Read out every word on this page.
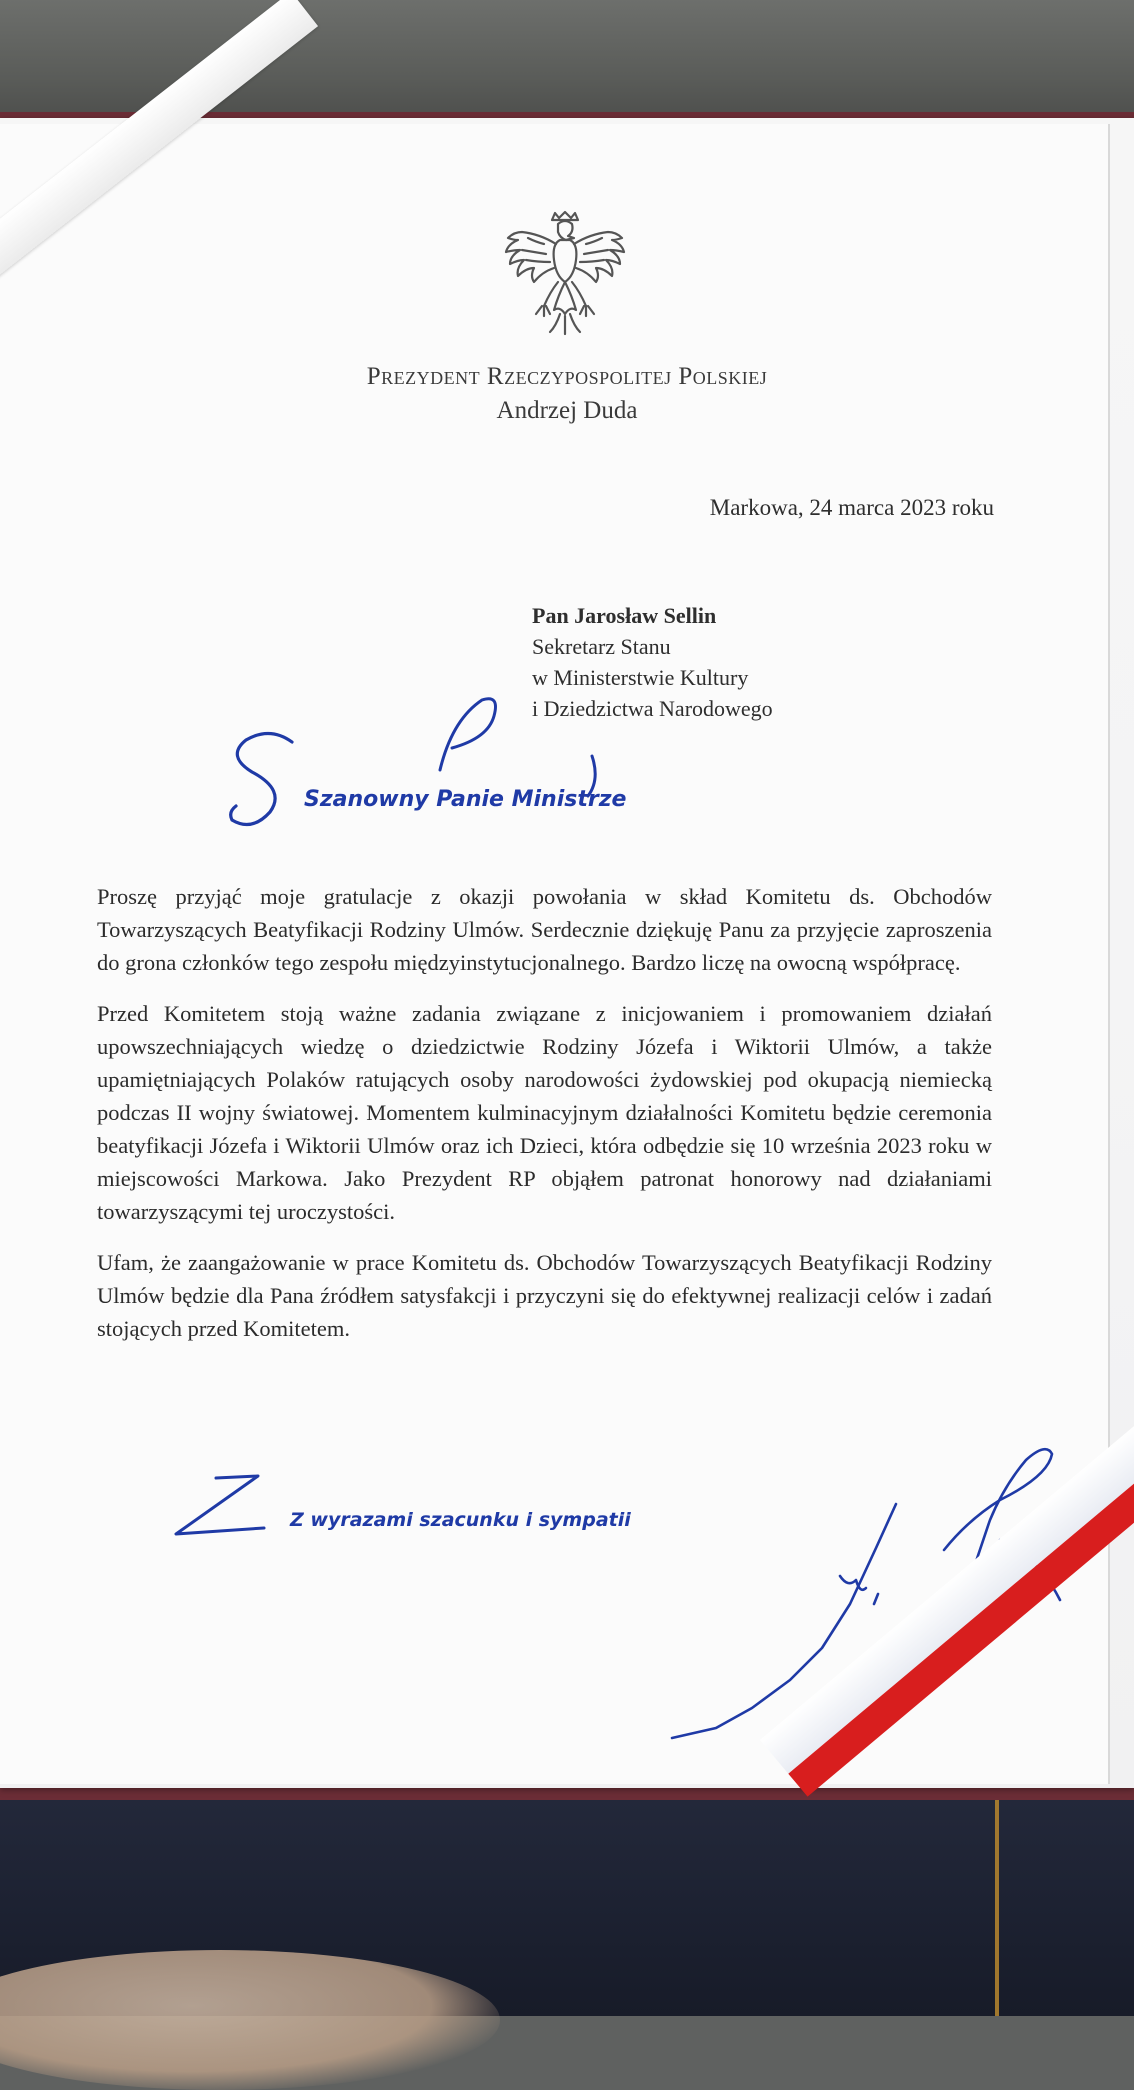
Prezydent Rzeczypospolitej Polskiej
Andrzej Duda
Markowa, 24 marca 2023 roku
Pan Jarosław Sellin
Sekretarz Stanu
w Ministerstwie Kultury
i Dziedzictwa Narodowego

Proszę przyjąć moje gratulacje z okazji powołania w skład Komitetu ds. Obchodów Towarzyszących Beatyfikacji Rodziny Ulmów. Serdecznie dziękuję Panu za przyjęcie zaproszenia do grona członków tego zespołu międzyinstytucjonalnego. Bardzo liczę na owocną współpracę.

Przed Komitetem stoją ważne zadania związane z inicjowaniem i promowaniem działań upowszechniających wiedzę o dziedzictwie Rodziny Józefa i Wiktorii Ulmów, a także upamiętniających Polaków ratujących osoby narodowości żydowskiej pod okupacją niemiecką podczas II wojny światowej. Momentem kulminacyjnym działalności Komitetu będzie ceremonia beatyfikacji Józefa i Wiktorii Ulmów oraz ich Dzieci, która odbędzie się 10 września 2023 roku w miejscowości Markowa. Jako Prezydent RP objąłem patronat honorowy nad działaniami towarzyszącymi tej uroczystości.

Ufam, że zaangażowanie w prace Komitetu ds. Obchodów Towarzyszących Beatyfikacji Rodziny Ulmów będzie dla Pana źródłem satysfakcji i przyczyni się do efektywnej realizacji celów i zadań stojących przed Komitetem.

Szanowny Panie Ministrze
Z wyrazami szacunku i sympatii
